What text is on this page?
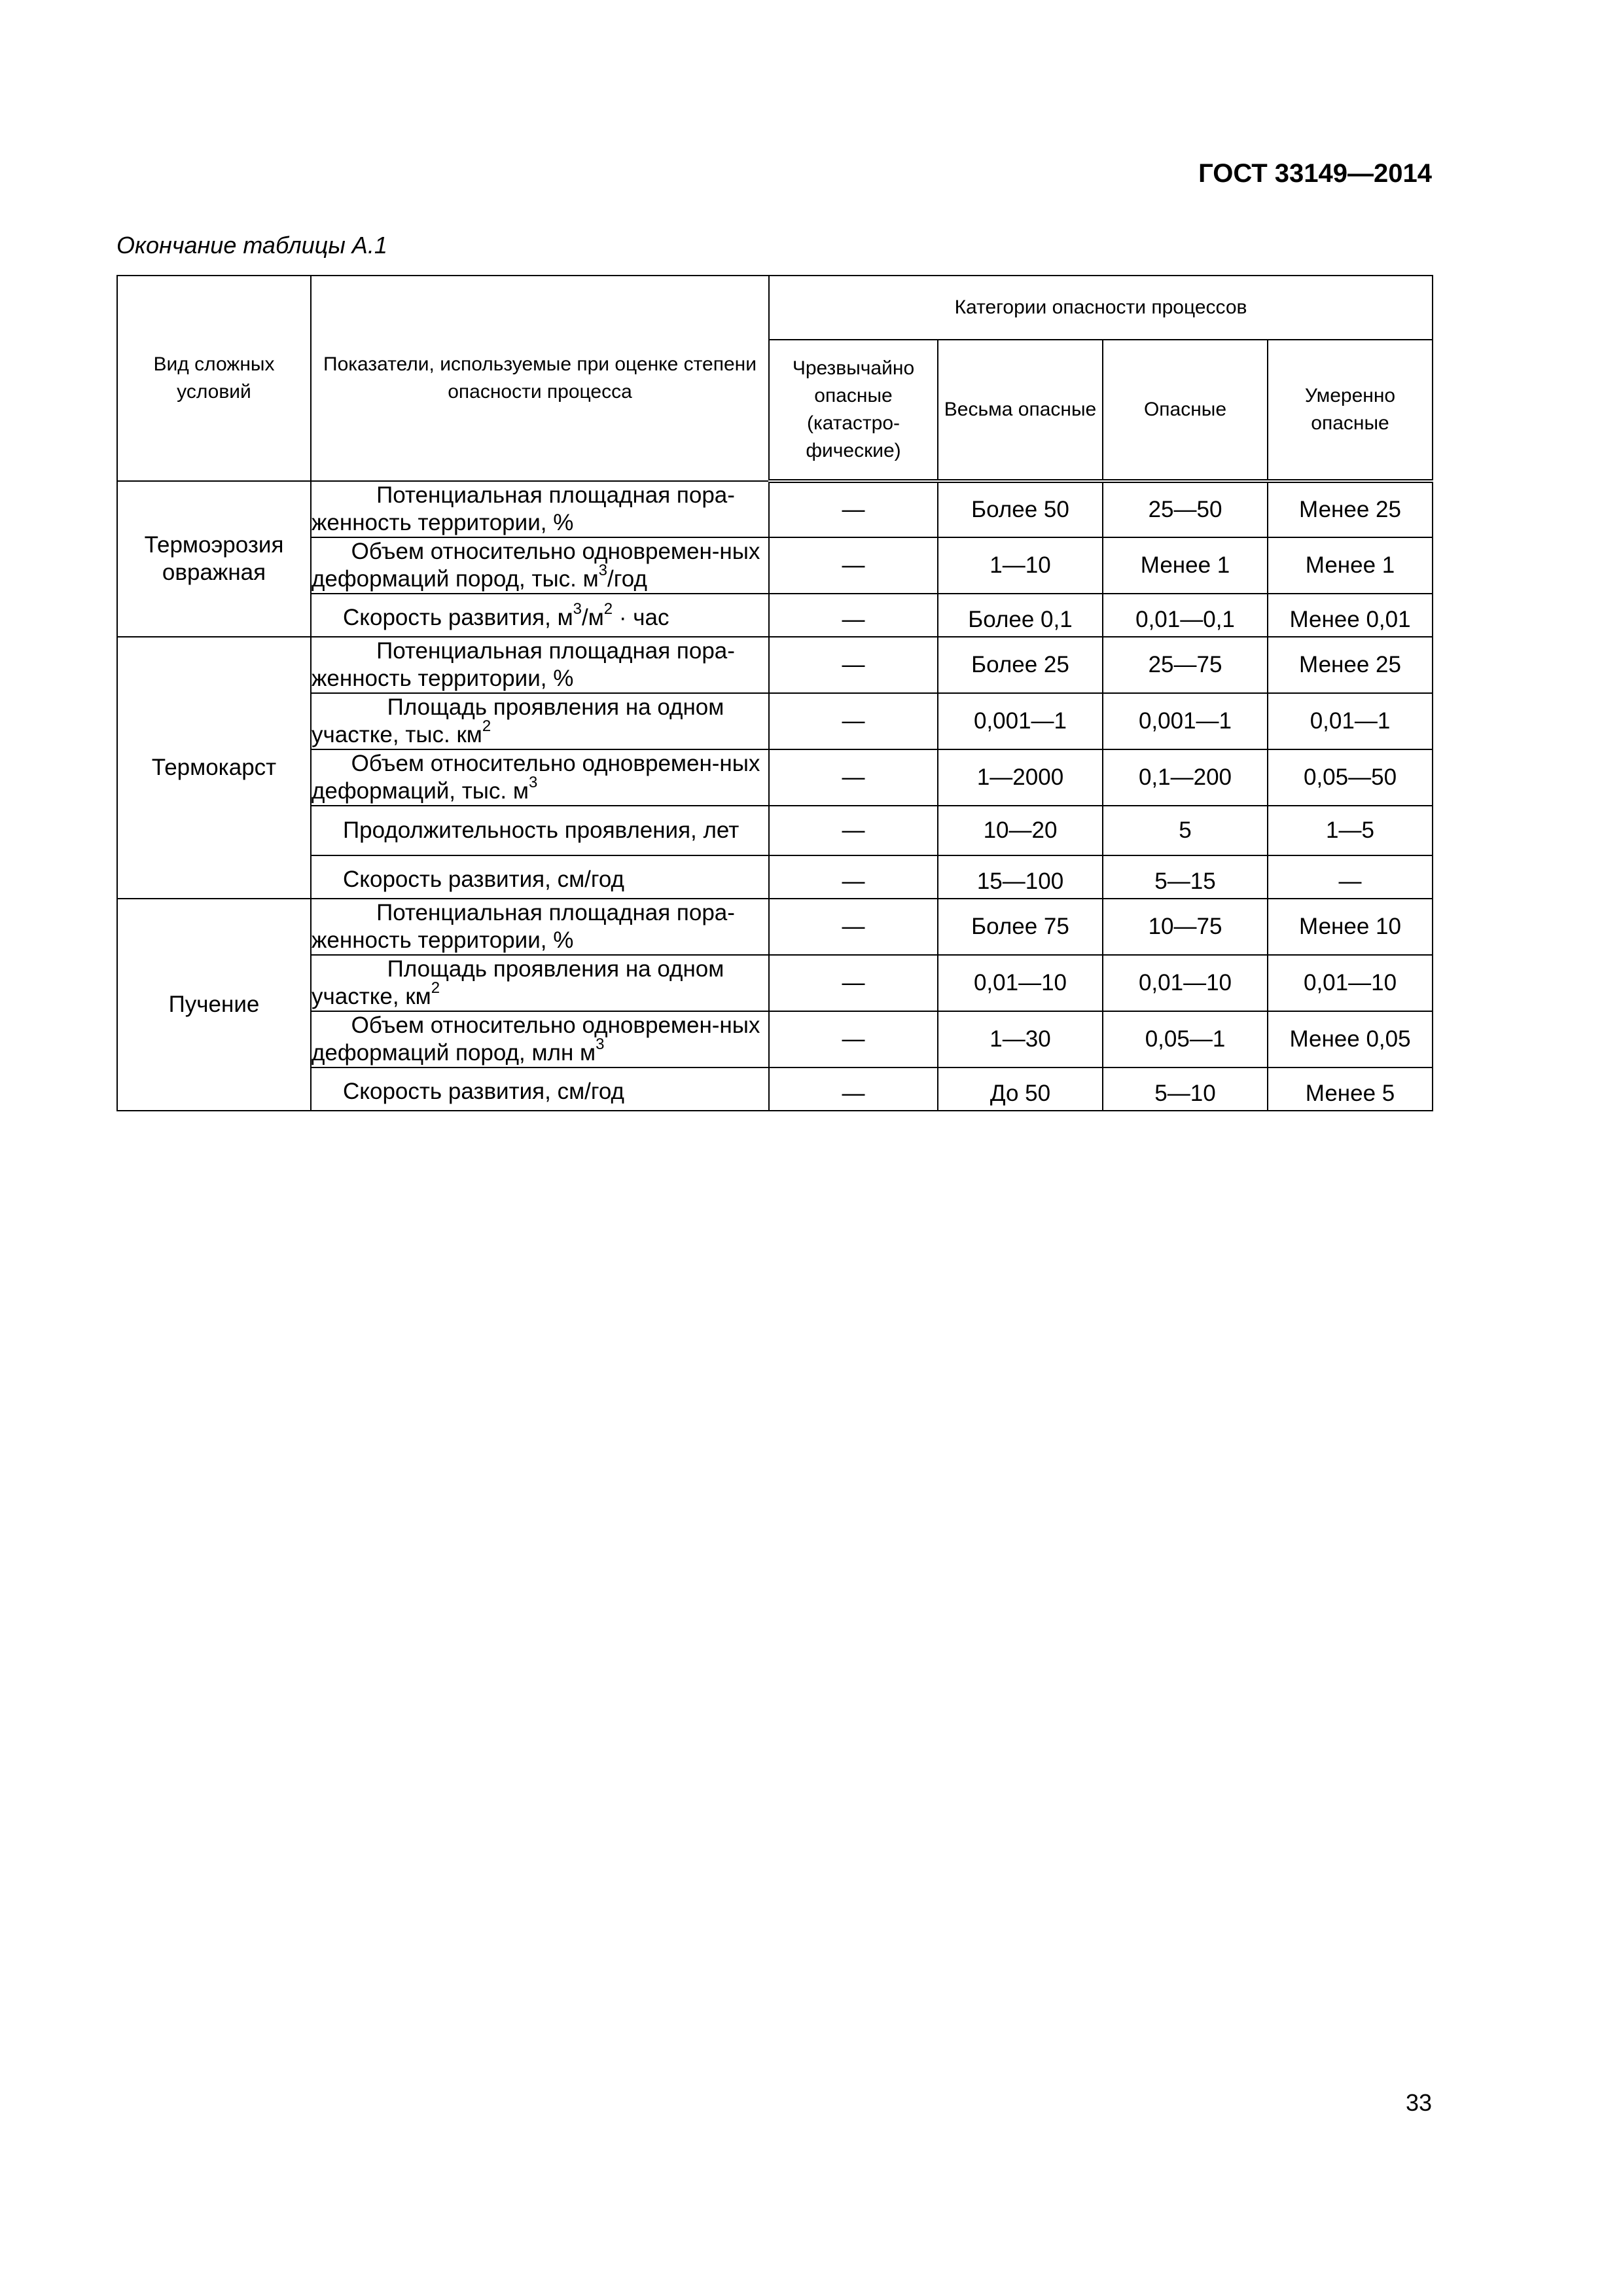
ГОСТ 33149—2014
Окончание таблицы А.1
Вид сложных условий	Показатели, используемые при оценке степени опасности процесса	Категории опасности процессов			
		Чрезвычайно опасные (катастро-фические)	Весьма опасные	Опасные	Умеренно опасные
Термоэрозия овражная	Потенциальная площадная пора-женность территории, %	—	Более 50	25—50	Менее 25
	Объем относительно одновремен-ных деформаций пород, тыс. $м^3$/год	—	1—10	Менее 1	Менее 1
	Скорость развития, $м^3/м^2$ · час	—	Более 0,1	0,01—0,1	Менее 0,01
Термокарст	Потенциальная площадная пора-женность территории, %	—	Более 25	25—75	Менее 25
	Площадь проявления на одном участке, тыс. $км^2$	—	0,001—1	0,001—1	0,01—1
	Объем относительно одновремен-ных деформаций, тыс. $м^3$	—	1—2000	0,1—200	0,05—50
	Продолжительность проявления, лет	—	10—20	5	1—5
	Скорость развития, см/год	—	15—100	5—15	—
Пучение	Потенциальная площадная пора-женность территории, %	—	Более 75	10—75	Менее 10
	Площадь проявления на одном участке, $км^2$	—	0,01—10	0,01—10	0,01—10
	Объем относительно одновремен-ных деформаций пород, млн $м^3$	—	1—30	0,05—1	Менее 0,05
	Скорость развития, см/год	—	До 50	5—10	Менее 5
33
